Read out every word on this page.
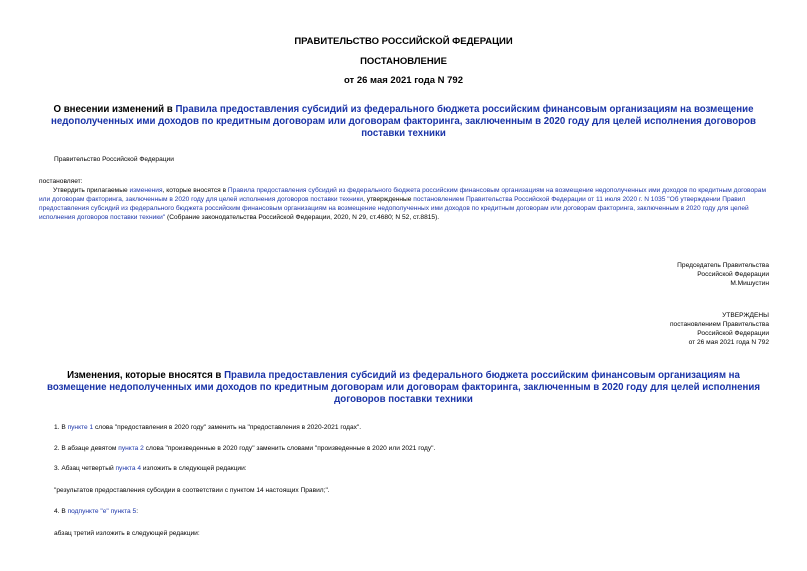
ПРАВИТЕЛЬСТВО РОССИЙСКОЙ ФЕДЕРАЦИИ
ПОСТАНОВЛЕНИЕ
от 26 мая 2021 года N 792
О внесении изменений в Правила предоставления субсидий из федерального бюджета российским финансовым организациям на возмещение недополученных ими доходов по кредитным договорам или договорам факторинга, заключенным в 2020 году для целей исполнения договоров поставки техники
Правительство Российской Федерации
постановляет:
Утвердить прилагаемые изменения, которые вносятся в Правила предоставления субсидий из федерального бюджета российским финансовым организациям на возмещение недополученных ими доходов по кредитным договорам или договорам факторинга, заключенным в 2020 году для целей исполнения договоров поставки техники, утвержденные постановлением Правительства Российской Федерации от 11 июля 2020 г. N 1035 "Об утверждении Правил предоставления субсидий из федерального бюджета российским финансовым организациям на возмещение недополученных ими доходов по кредитным договорам или договорам факторинга, заключенным в 2020 году для целей исполнения договоров поставки техники" (Собрание законодательства Российской Федерации, 2020, N 29, ст.4680; N 52, ст.8815).
Председатель Правительства
Российской Федерации
М.Мишустин
УТВЕРЖДЕНЫ
постановлением Правительства
Российской Федерации
от 26 мая 2021 года N 792
Изменения, которые вносятся в Правила предоставления субсидий из федерального бюджета российским финансовым организациям на возмещение недополученных ими доходов по кредитным договорам или договорам факторинга, заключенным в 2020 году для целей исполнения договоров поставки техники
1. В пункте 1 слова "предоставления в 2020 году" заменить на "предоставления в 2020-2021 годах".
2. В абзаце девятом пункта 2 слова "произведенные в 2020 году" заменить словами "произведенные в 2020 или 2021 году".
3. Абзац четвертый пункта 4 изложить в следующей редакции:
"результатов предоставления субсидии в соответствии с пунктом 14 настоящих Правил;".
4. В подпункте "е" пункта 5:
абзац третий изложить в следующей редакции:
